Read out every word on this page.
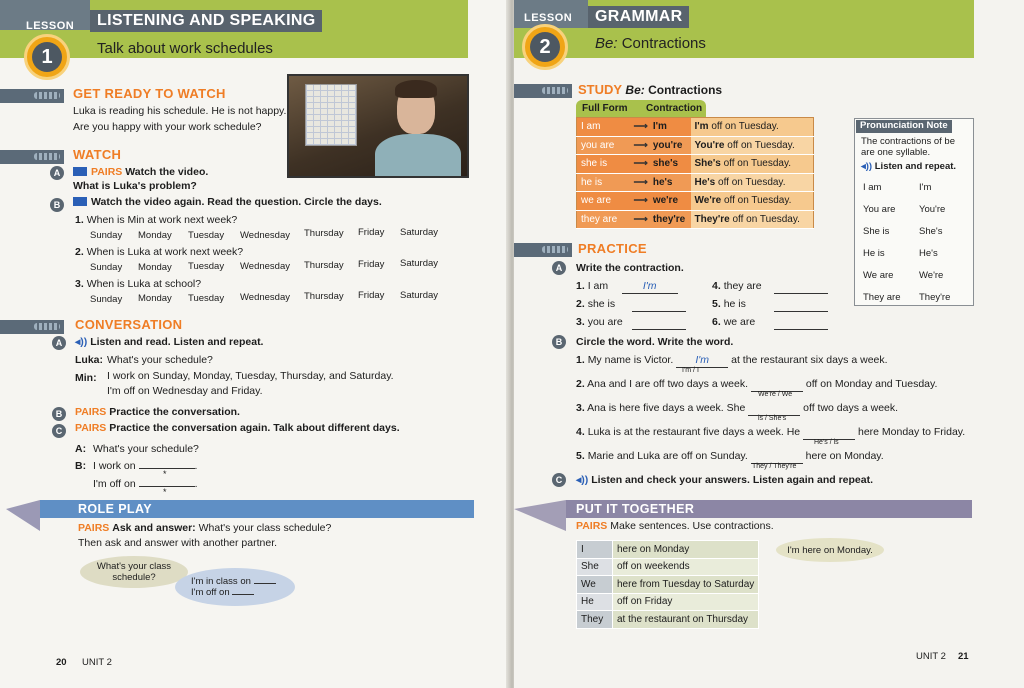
LESSON	LISTENING AND SPEAKING
Talk about work schedules
1
GET READY TO WATCH
Luka is reading his schedule. He is not happy.
Are you happy with your work schedule?
WATCH
A	PAIRS Watch the video.
What is Luka's problem?
B	Watch the video again. Read the question. Circle the days.
1. When is Min at work next week?
Sunday Monday Tuesday Wednesday Thursday Friday Saturday
2. When is Luka at work next week?
Sunday Monday Tuesday Wednesday Thursday Friday Saturday
3. When is Luka at school?
Sunday Monday Tuesday Wednesday Thursday Friday Saturday
CONVERSATION
A	◂)) Listen and read. Listen and repeat.
Luka: What's your schedule?
Min: I work on Sunday, Monday, Tuesday, Thursday, and Saturday.
I'm off on Wednesday and Friday.
B	PAIRS Practice the conversation.
C	PAIRS Practice the conversation again. Talk about different days.
A: What's your schedule?
B: I work on	.
*
I'm off on	.
*
ROLE PLAY
PAIRS Ask and answer: What's your class schedule?
Then ask and answer with another partner.
What's your class schedule?	I'm in class on
I'm off on
20 UNIT 2
LESSON	GRAMMAR
Be: Contractions
2
STUDY Be: Contractions
Full Form Contraction
I am	⟶ I'm	I'm off on Tuesday.
you are	⟶ you're	You're off on Tuesday.
she is	⟶ she's	She's off on Tuesday.
he is	⟶ he's	He's off on Tuesday.
we are	⟶ we're	We're off on Tuesday.
they are	⟶ they're	They're off on Tuesday.
PRACTICE
A	Write the contraction.
1. I am	I'm
2. she is
3. you are
4. they are
5. he is
6. we are
B	Circle the word. Write the word.
1. My name is Victor. I'm at the restaurant six days a week.
I'm / I
2. Ana and I are off two days a week.	off on Monday and Tuesday.
We're / We
3. Ana is here five days a week. She	off two days a week.
is / She's
4. Luka is at the restaurant five days a week. He	here Monday to Friday.
He's / is
5. Marie and Luka are off on Sunday.	here on Monday.
They / They're
C	◂)) Listen and check your answers. Listen again and repeat.
UNIT 2 21
Pronunciation Note
The contractions of be
are one syllable.
◂)) Listen and repeat.
I am	I'm
You are You're
She is	She's
He is	He's
We are	We're
They are They're
PUT IT TOGETHER
PAIRS Make sentences. Use contractions.
I'm here on Monday.
I	here on Monday
She	off on weekends
We	here from Tuesday to Saturday
He	off on Friday
They	at the restaurant on Thursday
